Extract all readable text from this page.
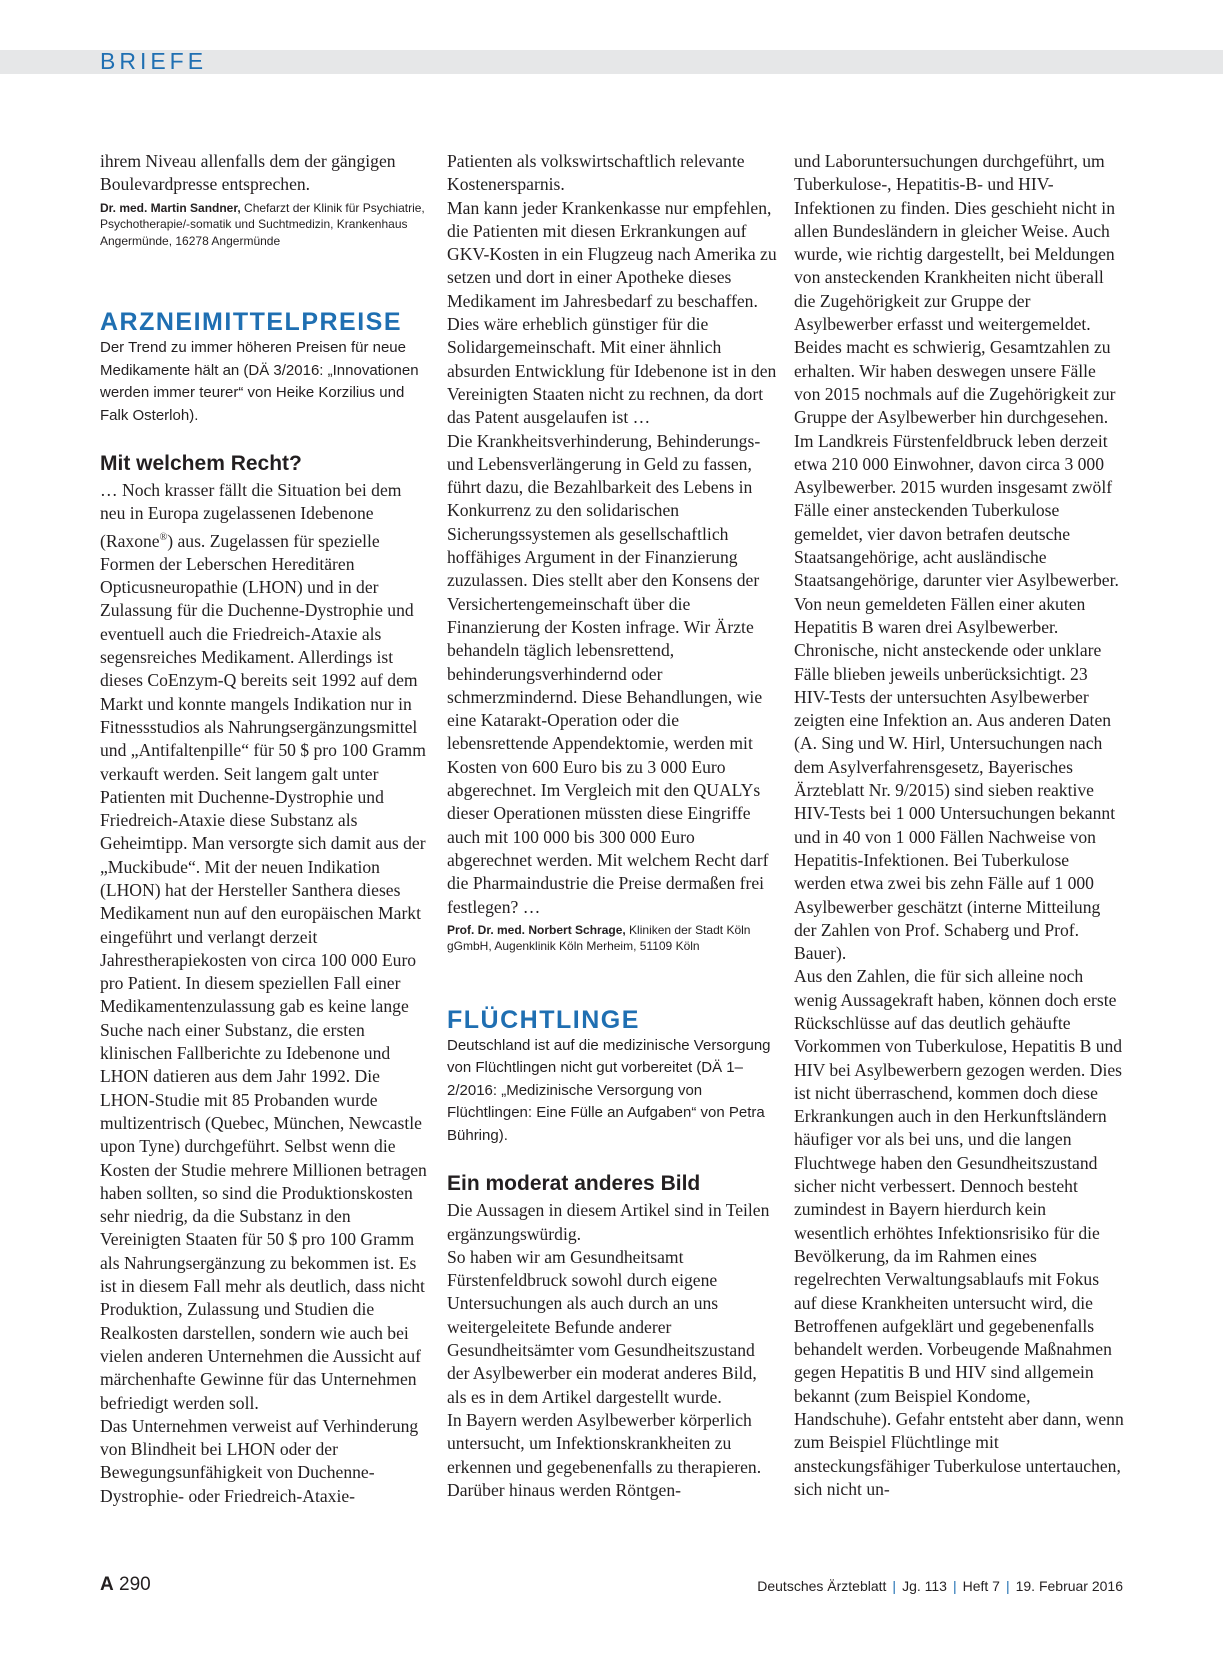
BRIEFE

ihrem Niveau allenfalls dem der gängigen Boulevardpresse entsprechen.

Dr. med. Martin Sandner, Chefarzt der Klinik für Psychiatrie, Psychotherapie/-somatik und Suchtmedizin, Krankenhaus Angermünde, 16278 Angermünde

ARZNEIMITTELPREISE

Der Trend zu immer höheren Preisen für neue Medikamente hält an (DÄ 3/2016: „Innovationen werden immer teurer“ von Heike Korzilius und Falk Osterloh).

Mit welchem Recht?

… Noch krasser fällt die Situation bei dem neu in Europa zugelassenen Idebenone (Raxone®) aus. Zugelassen für spezielle Formen der Leberschen Hereditären Opticusneuropathie (LHON) und in der Zulassung für die Duchenne-Dystrophie und eventuell auch die Friedreich-Ataxie als segensreiches Medikament. Allerdings ist dieses CoEnzym-Q bereits seit 1992 auf dem Markt und konnte mangels Indikation nur in Fitnessstudios als Nahrungsergänzungsmittel und „Antifaltenpille“ für 50 $ pro 100 Gramm verkauft werden. Seit langem galt unter Patienten mit Duchenne-Dystrophie und Friedreich-Ataxie diese Substanz als Geheimtipp. Man versorgte sich damit aus der „Muckibude“. Mit der neuen Indikation (LHON) hat der Hersteller Santhera dieses Medikament nun auf den europäischen Markt eingeführt und verlangt derzeit Jahrestherapiekosten von circa 100 000 Euro pro Patient. In diesem speziellen Fall einer Medikamentenzulassung gab es keine lange Suche nach einer Substanz, die ersten klinischen Fallberichte zu Idebenone und LHON datieren aus dem Jahr 1992. Die LHON-Studie mit 85 Probanden wurde multizentrisch (Quebec, München, Newcastle upon Tyne) durchgeführt. Selbst wenn die Kosten der Studie mehrere Millionen betragen haben sollten, so sind die Produktionskosten sehr niedrig, da die Substanz in den Vereinigten Staaten für 50 $ pro 100 Gramm als Nahrungsergänzung zu bekommen ist. Es ist in diesem Fall mehr als deutlich, dass nicht Produktion, Zulassung und Studien die Realkosten darstellen, sondern wie auch bei vielen anderen Unternehmen die Aussicht auf märchenhafte Gewinne für das Unternehmen befriedigt werden soll.

Das Unternehmen verweist auf Verhinderung von Blindheit bei LHON oder der Bewegungsunfähigkeit von Duchenne-Dystrophie- oder Friedreich-Ataxie-

Patienten als volkswirtschaftlich relevante Kostenersparnis.

Man kann jeder Krankenkasse nur empfehlen, die Patienten mit diesen Erkrankungen auf GKV-Kosten in ein Flugzeug nach Amerika zu setzen und dort in einer Apotheke dieses Medikament im Jahresbedarf zu beschaffen. Dies wäre erheblich günstiger für die Solidargemeinschaft. Mit einer ähnlich absurden Entwicklung für Idebenone ist in den Vereinigten Staaten nicht zu rechnen, da dort das Patent ausgelaufen ist …

Die Krankheitsverhinderung, Behinderungs- und Lebensverlängerung in Geld zu fassen, führt dazu, die Bezahlbarkeit des Lebens in Konkurrenz zu den solidarischen Sicherungssystemen als gesellschaftlich hoffähiges Argument in der Finanzierung zuzulassen. Dies stellt aber den Konsens der Versichertengemeinschaft über die Finanzierung der Kosten infrage. Wir Ärzte behandeln täglich lebensrettend, behinderungsverhindernd oder schmerzmindernd. Diese Behandlungen, wie eine Katarakt-Operation oder die lebensrettende Appendektomie, werden mit Kosten von 600 Euro bis zu 3 000 Euro abgerechnet. Im Vergleich mit den QUALYs dieser Operationen müssten diese Eingriffe auch mit 100 000 bis 300 000 Euro abgerechnet werden. Mit welchem Recht darf die Pharmaindustrie die Preise dermaßen frei festlegen? …

Prof. Dr. med. Norbert Schrage, Kliniken der Stadt Köln gGmbH, Augenklinik Köln Merheim, 51109 Köln

FLÜCHTLINGE

Deutschland ist auf die medizinische Versorgung von Flüchtlingen nicht gut vorbereitet (DÄ 1–2/2016: „Medizinische Versorgung von Flüchtlingen: Eine Fülle an Aufgaben“ von Petra Bühring).

Ein moderat anderes Bild

Die Aussagen in diesem Artikel sind in Teilen ergänzungswürdig.

So haben wir am Gesundheitsamt Fürstenfeldbruck sowohl durch eigene Untersuchungen als auch durch an uns weitergeleitete Befunde anderer Gesundheitsämter vom Gesundheitszustand der Asylbewerber ein moderat anderes Bild, als es in dem Artikel dargestellt wurde.

In Bayern werden Asylbewerber körperlich untersucht, um Infektionskrankheiten zu erkennen und gegebenenfalls zu therapieren. Darüber hinaus werden Röntgen-

und Laboruntersuchungen durchgeführt, um Tuberkulose-, Hepatitis-B- und HIV-Infektionen zu finden. Dies geschieht nicht in allen Bundesländern in gleicher Weise. Auch wurde, wie richtig dargestellt, bei Meldungen von ansteckenden Krankheiten nicht überall die Zugehörigkeit zur Gruppe der Asylbewerber erfasst und weitergemeldet. Beides macht es schwierig, Gesamtzahlen zu erhalten. Wir haben deswegen unsere Fälle von 2015 nochmals auf die Zugehörigkeit zur Gruppe der Asylbewerber hin durchgesehen.

Im Landkreis Fürstenfeldbruck leben derzeit etwa 210 000 Einwohner, davon circa 3 000 Asylbewerber. 2015 wurden insgesamt zwölf Fälle einer ansteckenden Tuberkulose gemeldet, vier davon betrafen deutsche Staatsangehörige, acht ausländische Staatsangehörige, darunter vier Asylbewerber.

Von neun gemeldeten Fällen einer akuten Hepatitis B waren drei Asylbewerber. Chronische, nicht ansteckende oder unklare Fälle blieben jeweils unberücksichtigt. 23 HIV-Tests der untersuchten Asylbewerber zeigten eine Infektion an. Aus anderen Daten (A. Sing und W. Hirl, Untersuchungen nach dem Asylverfahrensgesetz, Bayerisches Ärzteblatt Nr. 9/2015) sind sieben reaktive HIV-Tests bei 1 000 Untersuchungen bekannt und in 40 von 1 000 Fällen Nachweise von Hepatitis-Infektionen. Bei Tuberkulose werden etwa zwei bis zehn Fälle auf 1 000 Asylbewerber geschätzt (interne Mitteilung der Zahlen von Prof. Schaberg und Prof. Bauer).

Aus den Zahlen, die für sich alleine noch wenig Aussagekraft haben, können doch erste Rückschlüsse auf das deutlich gehäufte Vorkommen von Tuberkulose, Hepatitis B und HIV bei Asylbewerbern gezogen werden. Dies ist nicht überraschend, kommen doch diese Erkrankungen auch in den Herkunftsländern häufiger vor als bei uns, und die langen Fluchtwege haben den Gesundheitszustand sicher nicht verbessert. Dennoch besteht zumindest in Bayern hierdurch kein wesentlich erhöhtes Infektionsrisiko für die Bevölkerung, da im Rahmen eines regelrechten Verwaltungsablaufs mit Fokus auf diese Krankheiten untersucht wird, die Betroffenen aufgeklärt und gegebenenfalls behandelt werden. Vorbeugende Maßnahmen gegen Hepatitis B und HIV sind allgemein bekannt (zum Beispiel Kondome, Handschuhe). Gefahr entsteht aber dann, wenn zum Beispiel Flüchtlinge mit ansteckungsfähiger Tuberkulose untertauchen, sich nicht un-

A 290	Deutsches Ärzteblatt | Jg. 113 | Heft 7 | 19. Februar 2016
